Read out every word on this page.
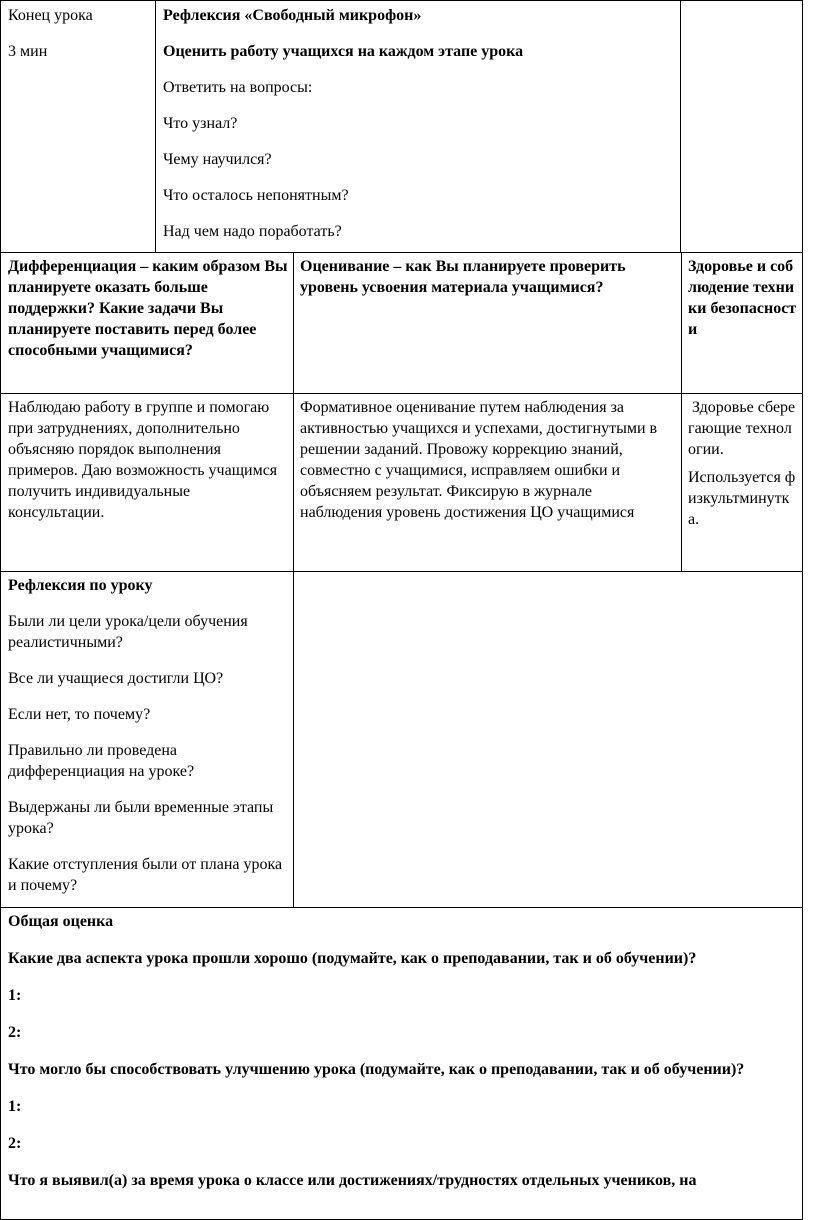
Конец урока

3 мин

Рефлексия «Свободный микрофон»

Оценить работу учащихся на каждом этапе урока

Ответить на вопросы:

Что узнал?

Чему научился?

Что осталось непонятным?

Над чем надо поработать?

Дифференциация – каким образом Вы планируете оказать больше поддержки? Какие задачи Вы планируете поставить перед более способными учащимися?

Оценивание – как Вы планируете проверить уровень усвоения материала учащимися?

Здоровье и соблюдение техники безопасности

Наблюдаю работу в группе и помогаю при затруднениях, дополнительно объясняю порядок выполнения примеров. Даю возможность учащимся получить индивидуальные консультации.

Формативное оценивание путем наблюдения за активностью учащихся и успехами, достигнутыми в решении заданий. Провожу коррекцию знаний, совместно с учащимися, исправляем ошибки и объясняем результат. Фиксирую в журнале наблюдения уровень достижения ЦО учащимися

Здоровье сберегающие технологии.

Используется физкультминутка.

Рефлексия по уроку

Были ли цели урока/цели обучения реалистичными?

Все ли учащиеся достигли ЦО?

Если нет, то почему?

Правильно ли проведена дифференциация на уроке?

Выдержаны ли были временные этапы урока?

Какие отступления были от плана урока и почему?

Общая оценка

Какие два аспекта урока прошли хорошо (подумайте, как о преподавании, так и об обучении)?

1:

2:

Что могло бы способствовать улучшению урока (подумайте, как о преподавании, так и об обучении)?

1:

2:

Что я выявил(а) за время урока о классе или достижениях/трудностях отдельных учеников, на
